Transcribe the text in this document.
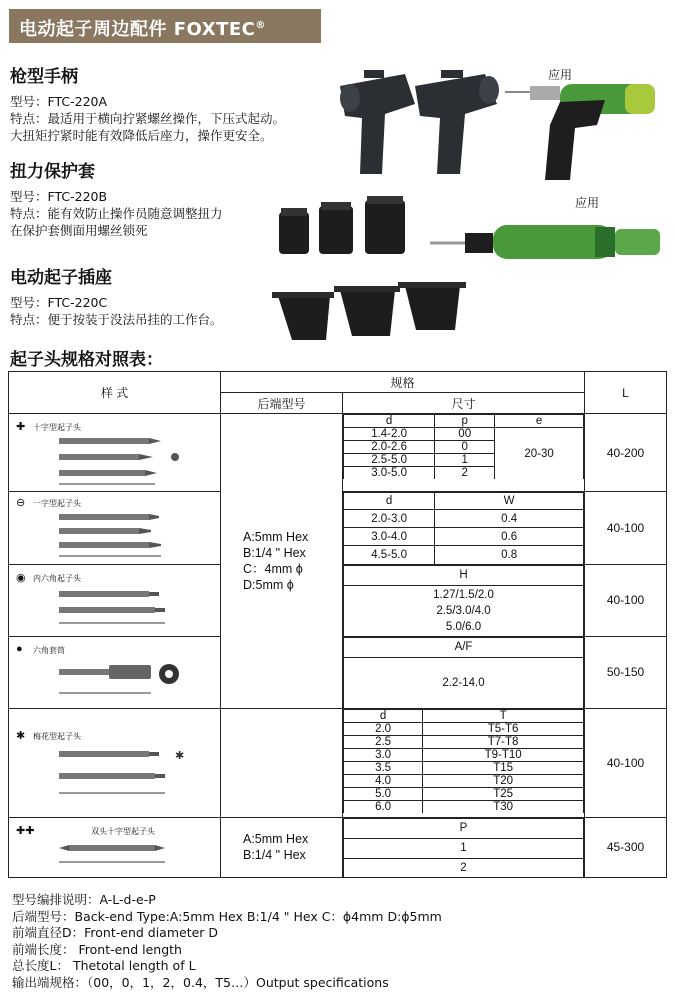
电动起子周边配件 FOXTEC®
枪型手柄
型号：FTC-220A
特点：最适用于横向拧紧螺丝操作，下压式起动。
大扭矩拧紧时能有效降低后座力，操作更安全。
应用
扭力保护套
型号：FTC-220B
特点：能有效防止操作员随意调整扭力
在保护套侧面用螺丝锁死
应用
电动起子插座
型号：FTC-220C
特点：便于按装于没法吊挂的工作台。
起子头规格对照表：
样 式	规格	L
后端型号	尺寸

✚ 十字型起子头

A:5mm Hex
B:1/4 " Hex
C：4mm ϕ
D:5mm ϕ

d	p	e
1.4-2.0	00	20-30
2.0-2.6	0
2.5-5.0	1
3.0-5.0	2
	40-200

⊖ 一字型起子头
		d	W
2.0-3.0	0.4
3.0-4.0	0.6
4.5-5.0	0.8
	40-100

◉ 内六角起子头
		H

1.27/1.5/2.0
2.5/3.0/4.0
5.0/6.0
	40-100

● 六角套筒
		A/F
2.2-14.0
	50-150

✱ 梅花型起子头
✱

d	T
2.0	T5-T6
2.5	T7-T8
3.0	T9-T10
3.5	T15
4.0	T20
5.0	T25
6.0	T30
	40-100

✚✚	双头十字型起子头

A:5mm Hex
B:1/4 " Hex

P
1
2
	45-300
型号编排说明：A-L-d-e-P
后端型号：Back-end Type:A:5mm Hex B:1/4 " Hex C：ϕ4mm D:ϕ5mm
前端直径D：Front-end diameter D
前端长度： Front-end length
总长度L： Thetotal length of L
输出端规格：（00，0，1，2，0.4，T5…）Output specifications
